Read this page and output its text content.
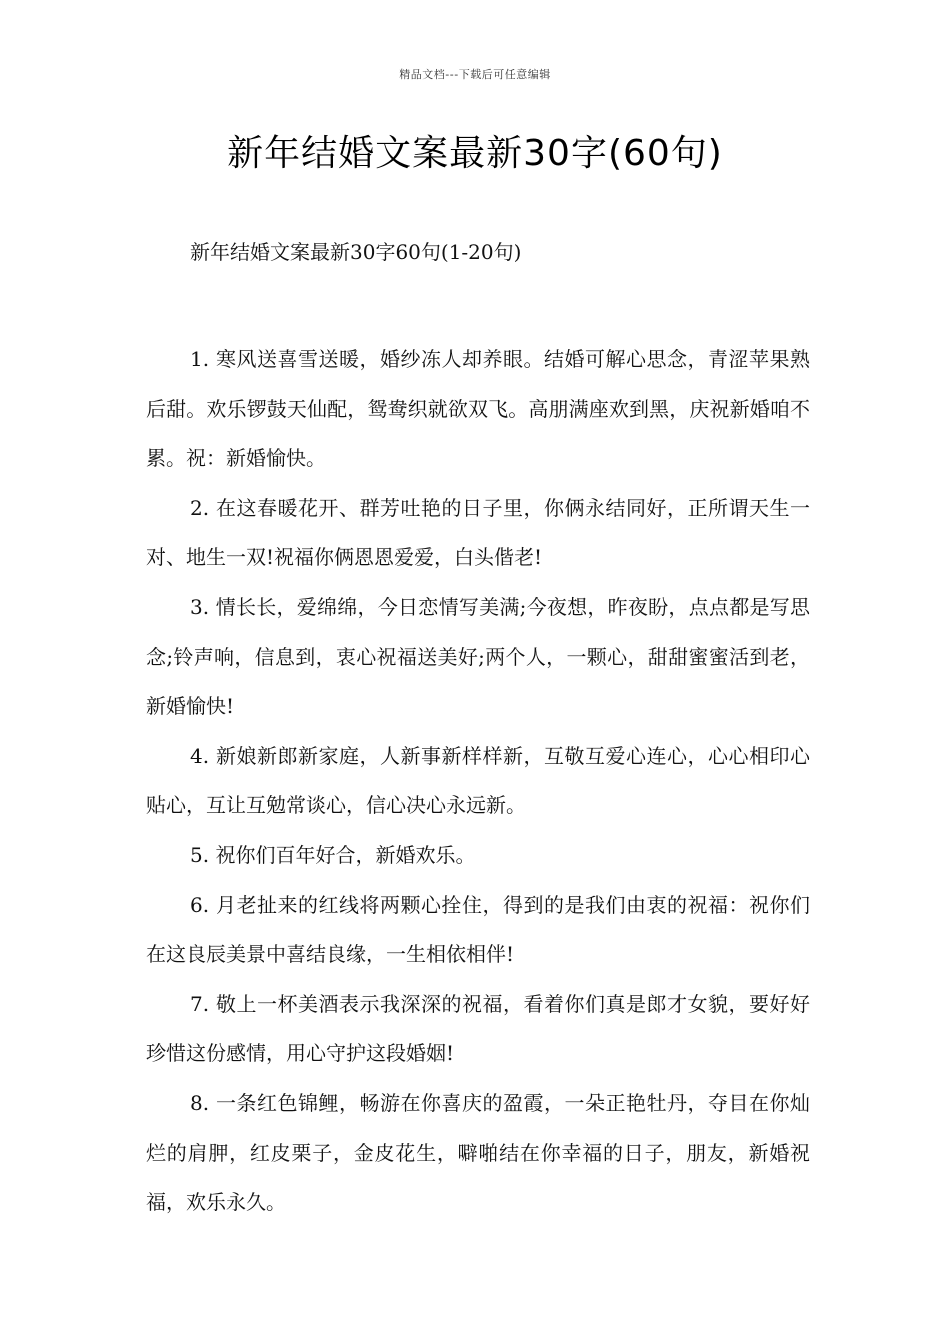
精品文档---下载后可任意编辑
新年结婚文案最新30字(60句)
新年结婚文案最新30字60句(1-20句)

1. 寒风送喜雪送暖，婚纱冻人却养眼。结婚可解心思念，青涩苹果熟后甜。欢乐锣鼓天仙配，鸳鸯织就欲双飞。高朋满座欢到黑，庆祝新婚咱不累。祝：新婚愉快。

2. 在这春暖花开、群芳吐艳的日子里，你俩永结同好，正所谓天生一对、地生一双!祝福你俩恩恩爱爱，白头偕老!

3. 情长长，爱绵绵，今日恋情写美满;今夜想，昨夜盼，点点都是写思念;铃声响，信息到，衷心祝福送美好;两个人，一颗心，甜甜蜜蜜活到老，新婚愉快!

4. 新娘新郎新家庭，人新事新样样新，互敬互爱心连心，心心相印心贴心，互让互勉常谈心，信心决心永远新。

5. 祝你们百年好合，新婚欢乐。

6. 月老扯来的红线将两颗心拴住，得到的是我们由衷的祝福：祝你们在这良辰美景中喜结良缘，一生相依相伴!

7. 敬上一杯美酒表示我深深的祝福，看着你们真是郎才女貌，要好好珍惜这份感情，用心守护这段婚姻!

8. 一条红色锦鲤，畅游在你喜庆的盈霞，一朵正艳牡丹，夺目在你灿烂的肩胛，红皮栗子，金皮花生，噼啪结在你幸福的日子，朋友，新婚祝福，欢乐永久。
